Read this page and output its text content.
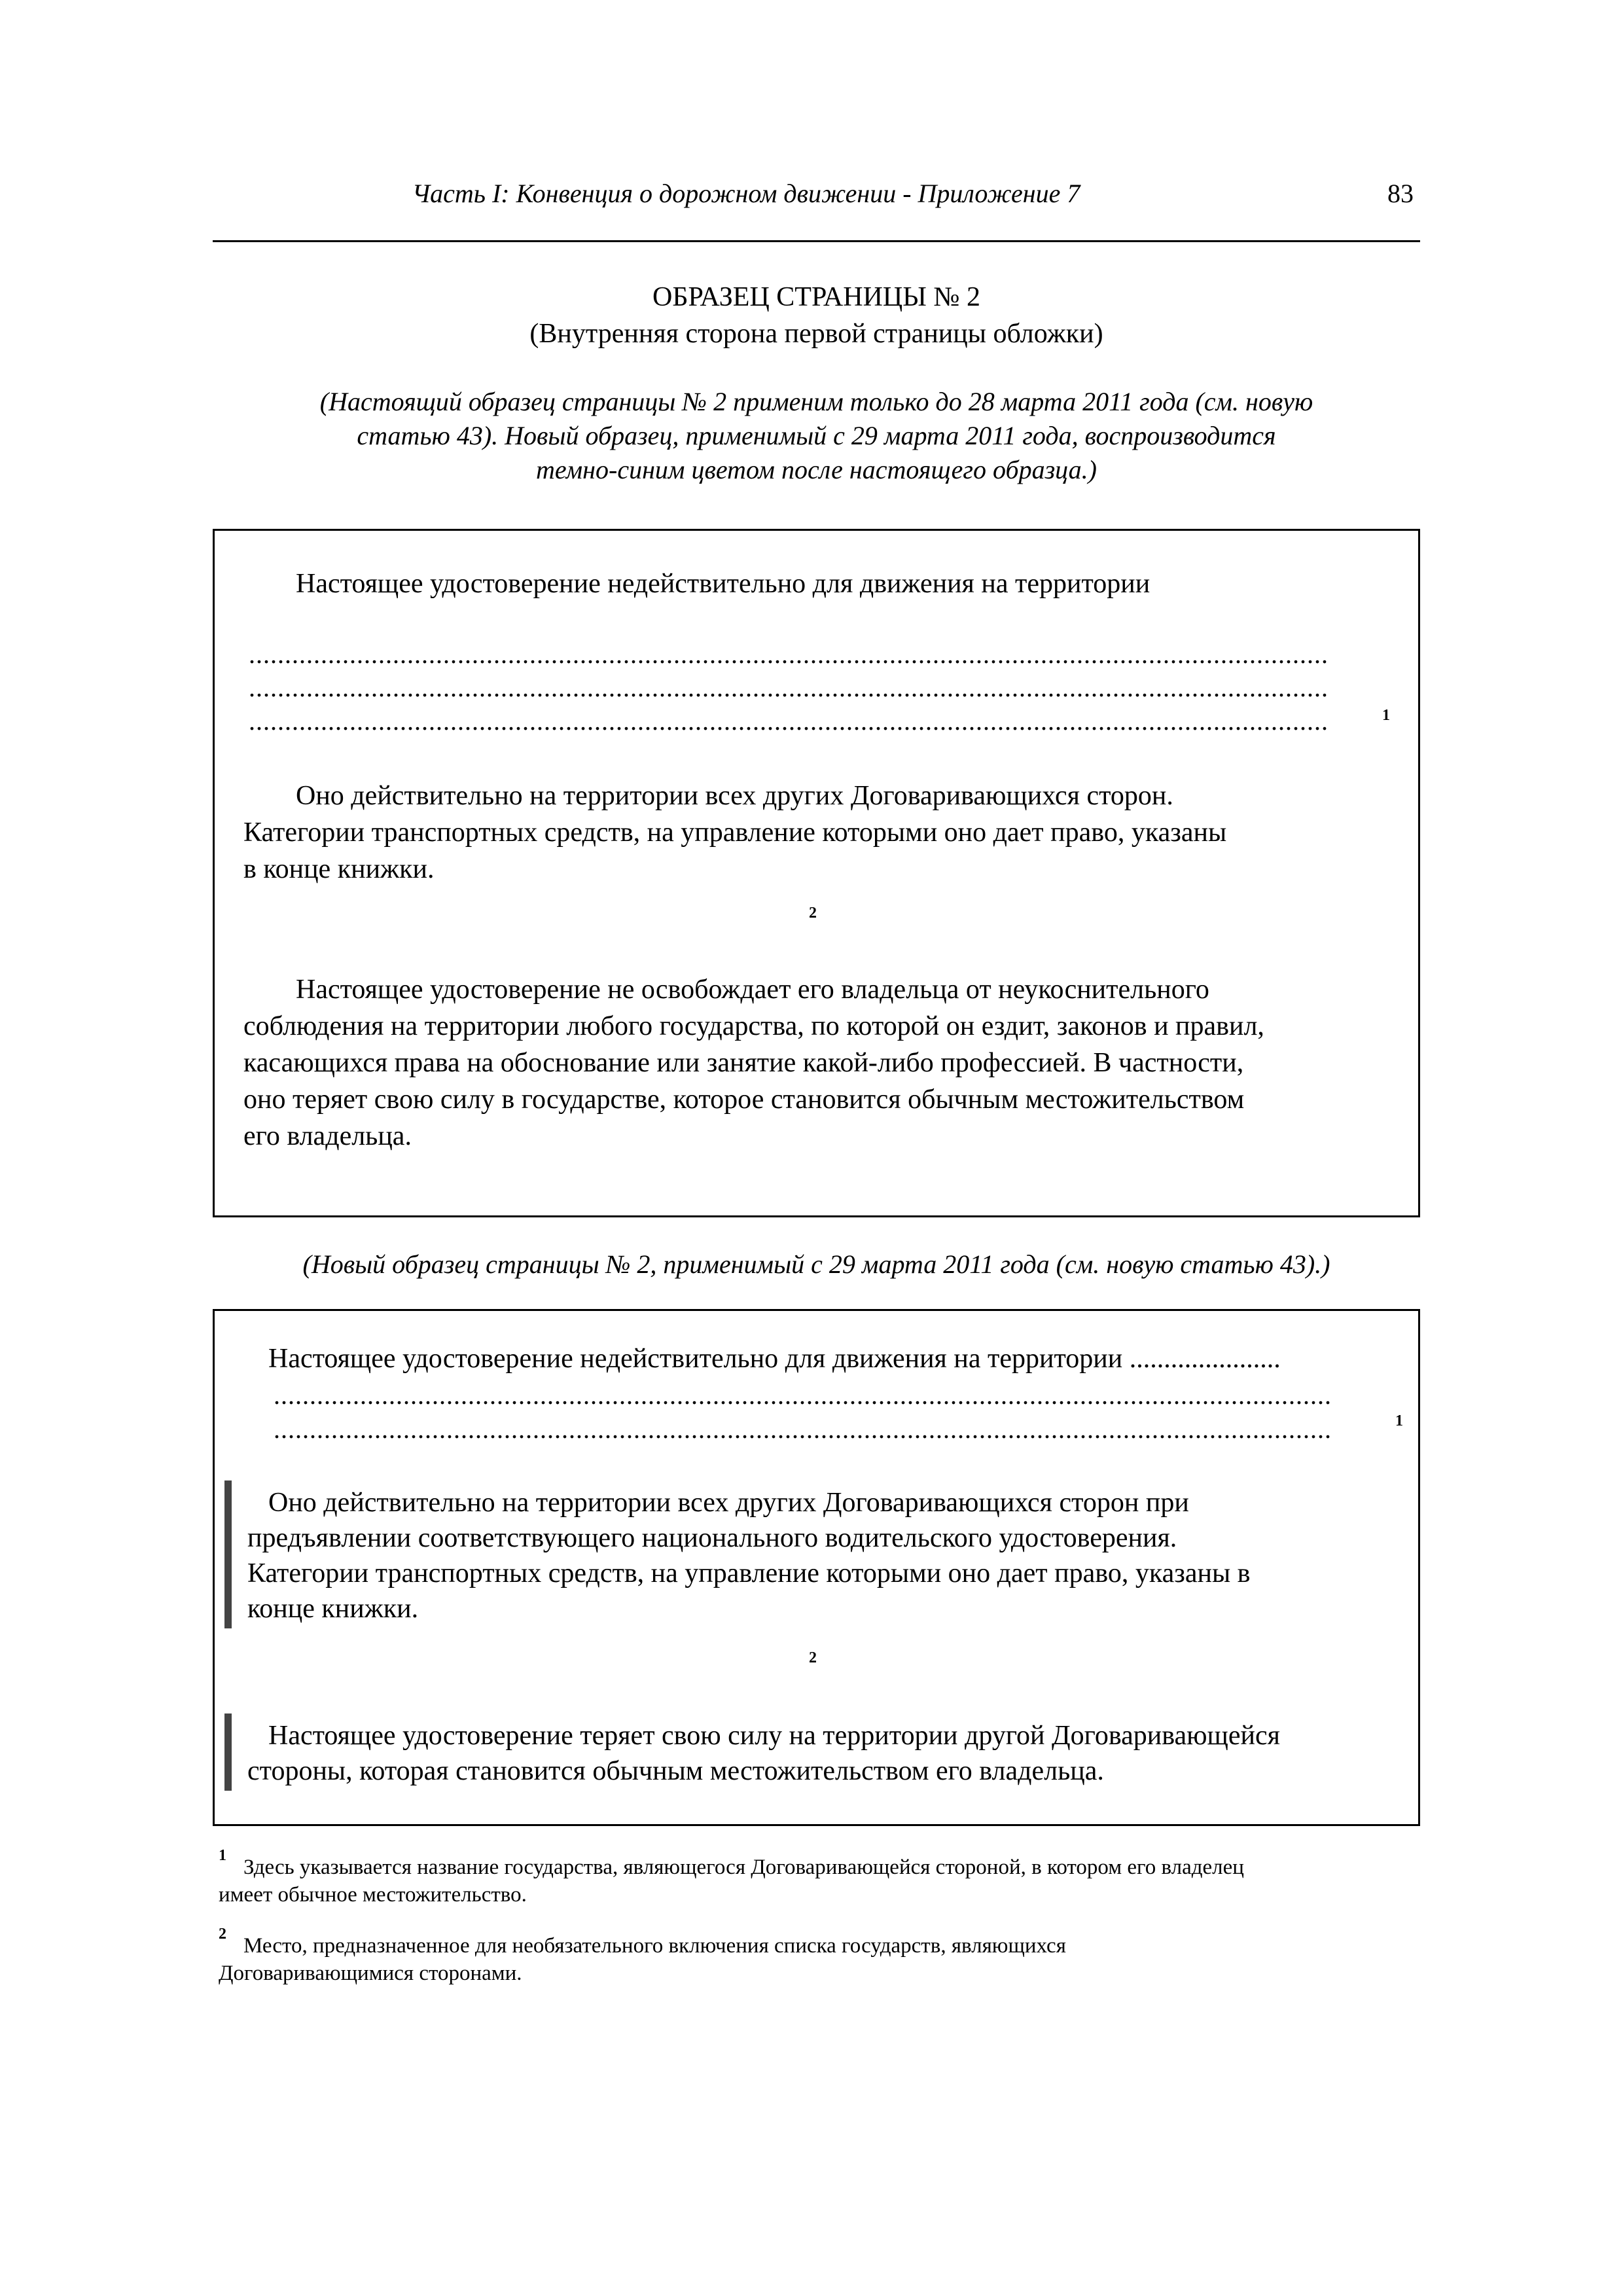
Часть I: Конвенция о дорожном движении - Приложение 7	83
ОБРАЗЕЦ СТРАНИЦЫ № 2
(Внутренняя сторона первой страницы обложки)
(Настоящий образец страницы № 2 применим только до 28 марта 2011 года (см. новую
статью 43). Новый образец, применимый с 29 марта 2011 года, воспроизводится
темно-синим цветом после настоящего образца.)
Настоящее удостоверение недействительно для движения на территории
......................................................................................................................................................
......................................................................................................................................................
......................................................................................................................................................	1
Оно действительно на территории всех других Договаривающихся сторон.
Категории транспортных средств, на управление которыми оно дает право, указаны
в конце книжки.
2
Настоящее удостоверение не освобождает его владельца от неукоснительного
соблюдения на территории любого государства, по которой он ездит, законов и правил,
касающихся права на обоснование или занятие какой-либо профессией. В частности,
оно теряет свою силу в государстве, которое становится обычным местожительством
его владельца.
(Новый образец страницы № 2, применимый с 29 марта 2011 года (см. новую статью 43).)
Настоящее удостоверение недействительно для движения на территории ......................
...................................................................................................................................................
...................................................................................................................................................	1
Оно действительно на территории всех других Договаривающихся сторон при
предъявлении соответствующего национального водительского удостоверения.
Категории транспортных средств, на управление которыми оно дает право, указаны в
конце книжки.
2
Настоящее удостоверение теряет свою силу на территории другой Договаривающейся
стороны, которая становится обычным местожительством его владельца.
1 Здесь указывается название государства, являющегося Договаривающейся стороной, в котором его владелец
имеет обычное местожительство.
2 Место, предназначенное для необязательного включения списка государств, являющихся
Договаривающимися сторонами.
